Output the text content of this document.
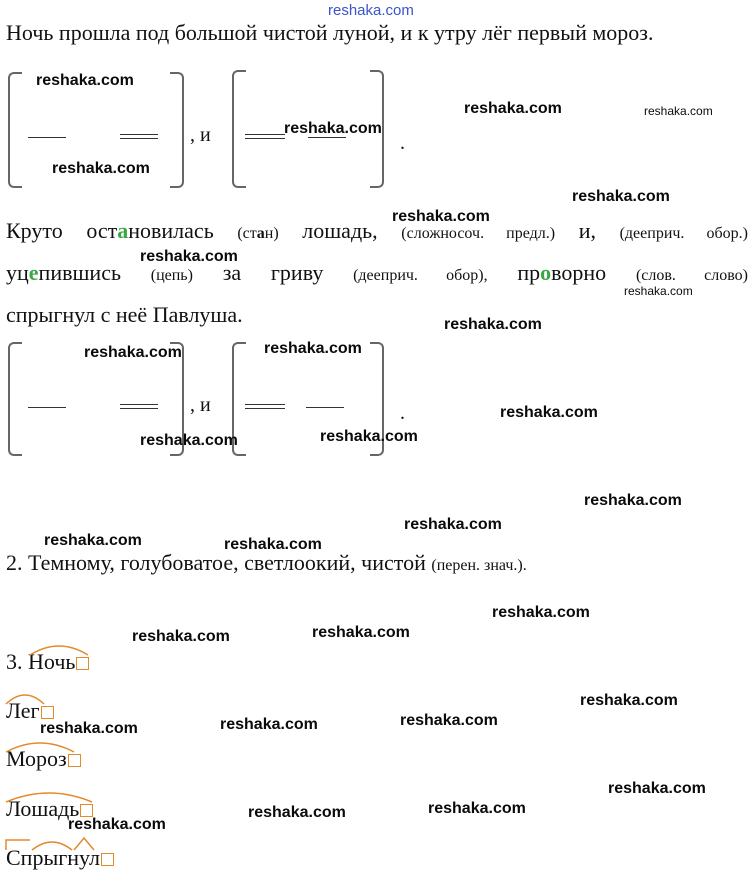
reshaka.com
Ночь прошла под большой чистой луной, и к утру лёг первый мороз.
, и	.
Круто остановилась (стан) лошадь, (сложносоч. предл.) и, (дееприч. обор.)
уцепившись (цепь) за гриву (дееприч. обор), проворно (слов. слово)
спрыгнул с неё Павлуша.
, и	.
2. Темному, голубоватое, светлоокий, чистой (перен. знач.).
3. Ночь
Лег
Мороз
Лошадь
Спрыгнул
reshaka.com
reshaka.com
reshaka.com
reshaka.com	reshaka.com
reshaka.com
reshaka.com
reshaka.com
reshaka.com
reshaka.com
reshaka.com	reshaka.com
reshaka.com
reshaka.com	reshaka.com
reshaka.com
reshaka.com
reshaka.com	reshaka.com
reshaka.com
reshaka.com	reshaka.com
reshaka.com
reshaka.com
reshaka.com	reshaka.com
reshaka.com
reshaka.com
reshaka.com
reshaka.com
